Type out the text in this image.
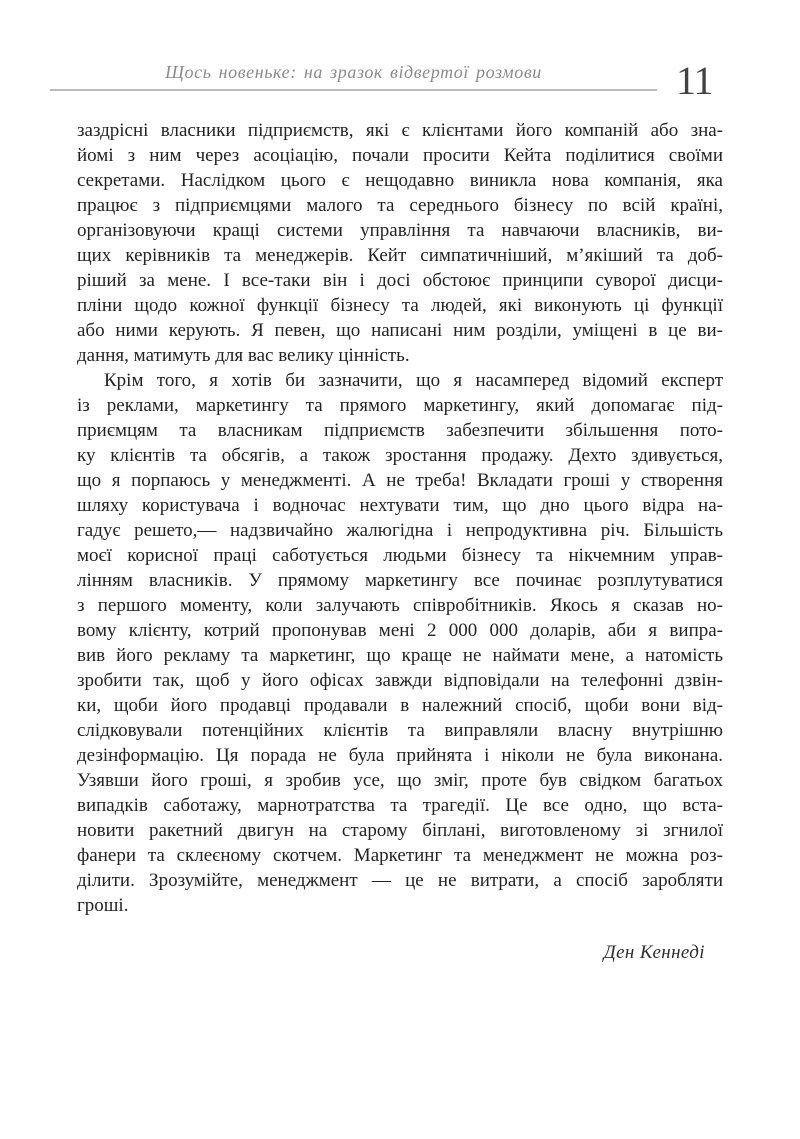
Щось новеньке: на зразок відвертої розмови	11
заздрісні власники підприємств, які є клієнтами його компаній або зна-
йомі з ним через асоціацію, почали просити Кейта поділитися своїми
секретами. Наслідком цього є нещодавно виникла нова компанія, яка
працює з підприємцями малого та середнього бізнесу по всій країні,
організовуючи кращі системи управління та навчаючи власників, ви-
щих керівників та менеджерів. Кейт симпатичніший, м’якіший та доб-
ріший за мене. І все-таки він і досі обстоює принципи суворої дисци-
пліни щодо кожної функції бізнесу та людей, які виконують ці функції
або ними керують. Я певен, що написані ним розділи, уміщені в це ви-
дання, матимуть для вас велику цінність.
Крім того, я хотів би зазначити, що я насамперед відомий експерт
із реклами, маркетингу та прямого маркетингу, який допомагає під-
приємцям та власникам підприємств забезпечити збільшення пото-
ку клієнтів та обсягів, а також зростання продажу. Дехто здивується,
що я порпаюсь у менеджменті. А не треба! Вкладати гроші у створення
шляху користувача і водночас нехтувати тим, що дно цього відра на-
гадує решето,— надзвичайно жалюгідна і непродуктивна річ. Більшість
моєї корисної праці саботується людьми бізнесу та нікчемним управ-
лінням власників. У прямому маркетингу все починає розплутуватися
з першого моменту, коли залучають співробітників. Якось я сказав но-
вому клієнту, котрий пропонував мені 2 000 000 доларів, аби я випра-
вив його рекламу та маркетинг, що краще не наймати мене, а натомість
зробити так, щоб у його офісах завжди відповідали на телефонні дзвін-
ки, щоби його продавці продавали в належний спосіб, щоби вони від-
слідковували потенційних клієнтів та виправляли власну внутрішню
дезінформацію. Ця порада не була прийнята і ніколи не була виконана.
Узявши його гроші, я зробив усе, що зміг, проте був свідком багатьох
випадків саботажу, марнотратства та трагедії. Це все одно, що вста-
новити ракетний двигун на старому біплані, виготовленому зі згнилої
фанери та склеєному скотчем. Маркетинг та менеджмент не можна роз-
ділити. Зрозумійте, менеджмент — це не витрати, а спосіб заробляти
гроші.
Ден Кеннеді
